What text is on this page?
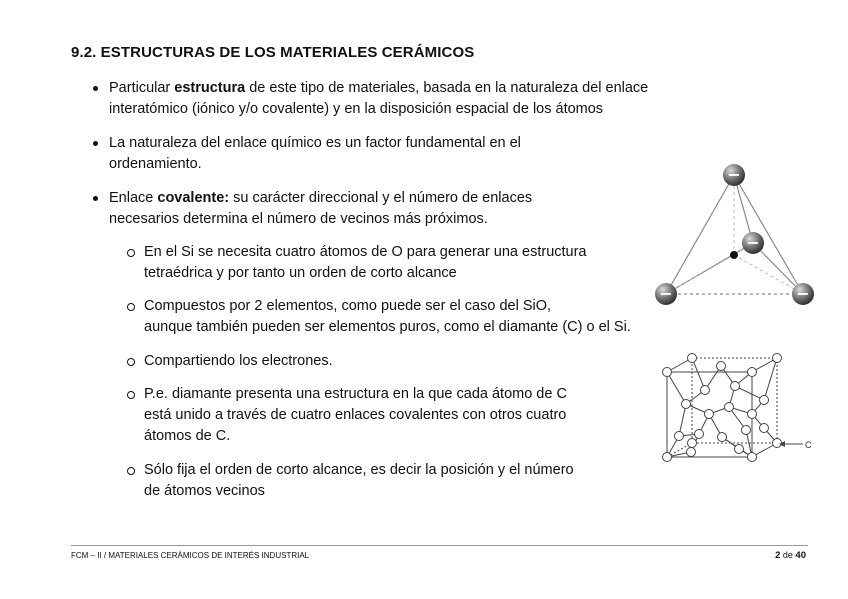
9.2. ESTRUCTURAS DE LOS MATERIALES CERÁMICOS
Particular estructura de este tipo de materiales, basada en la naturaleza del enlace
interatómico (iónico y/o covalente) y en la disposición espacial de los átomos
La naturaleza del enlace químico es un factor fundamental en el
ordenamiento.
Enlace covalente: su carácter direccional y el número de enlaces
necesarios determina el número de vecinos más próximos.
En el Si se necesita cuatro átomos de O para generar una estructura
tetraédrica y por tanto un orden de corto alcance
Compuestos por 2 elementos, como puede ser el caso del SiO,
aunque también pueden ser elementos puros, como el diamante (C) o el Si.
Compartiendo los electrones.
P.e. diamante presenta una estructura en la que cada átomo de C
está unido a través de cuatro enlaces covalentes con otros cuatro
átomos de C.
Sólo fija el orden de corto alcance, es decir la posición y el número
de átomos vecinos
−
−
−	−
C
FCM – II / MATERIALES CERÁMICOS DE INTERÉS INDUSTRIAL	2 de 40
